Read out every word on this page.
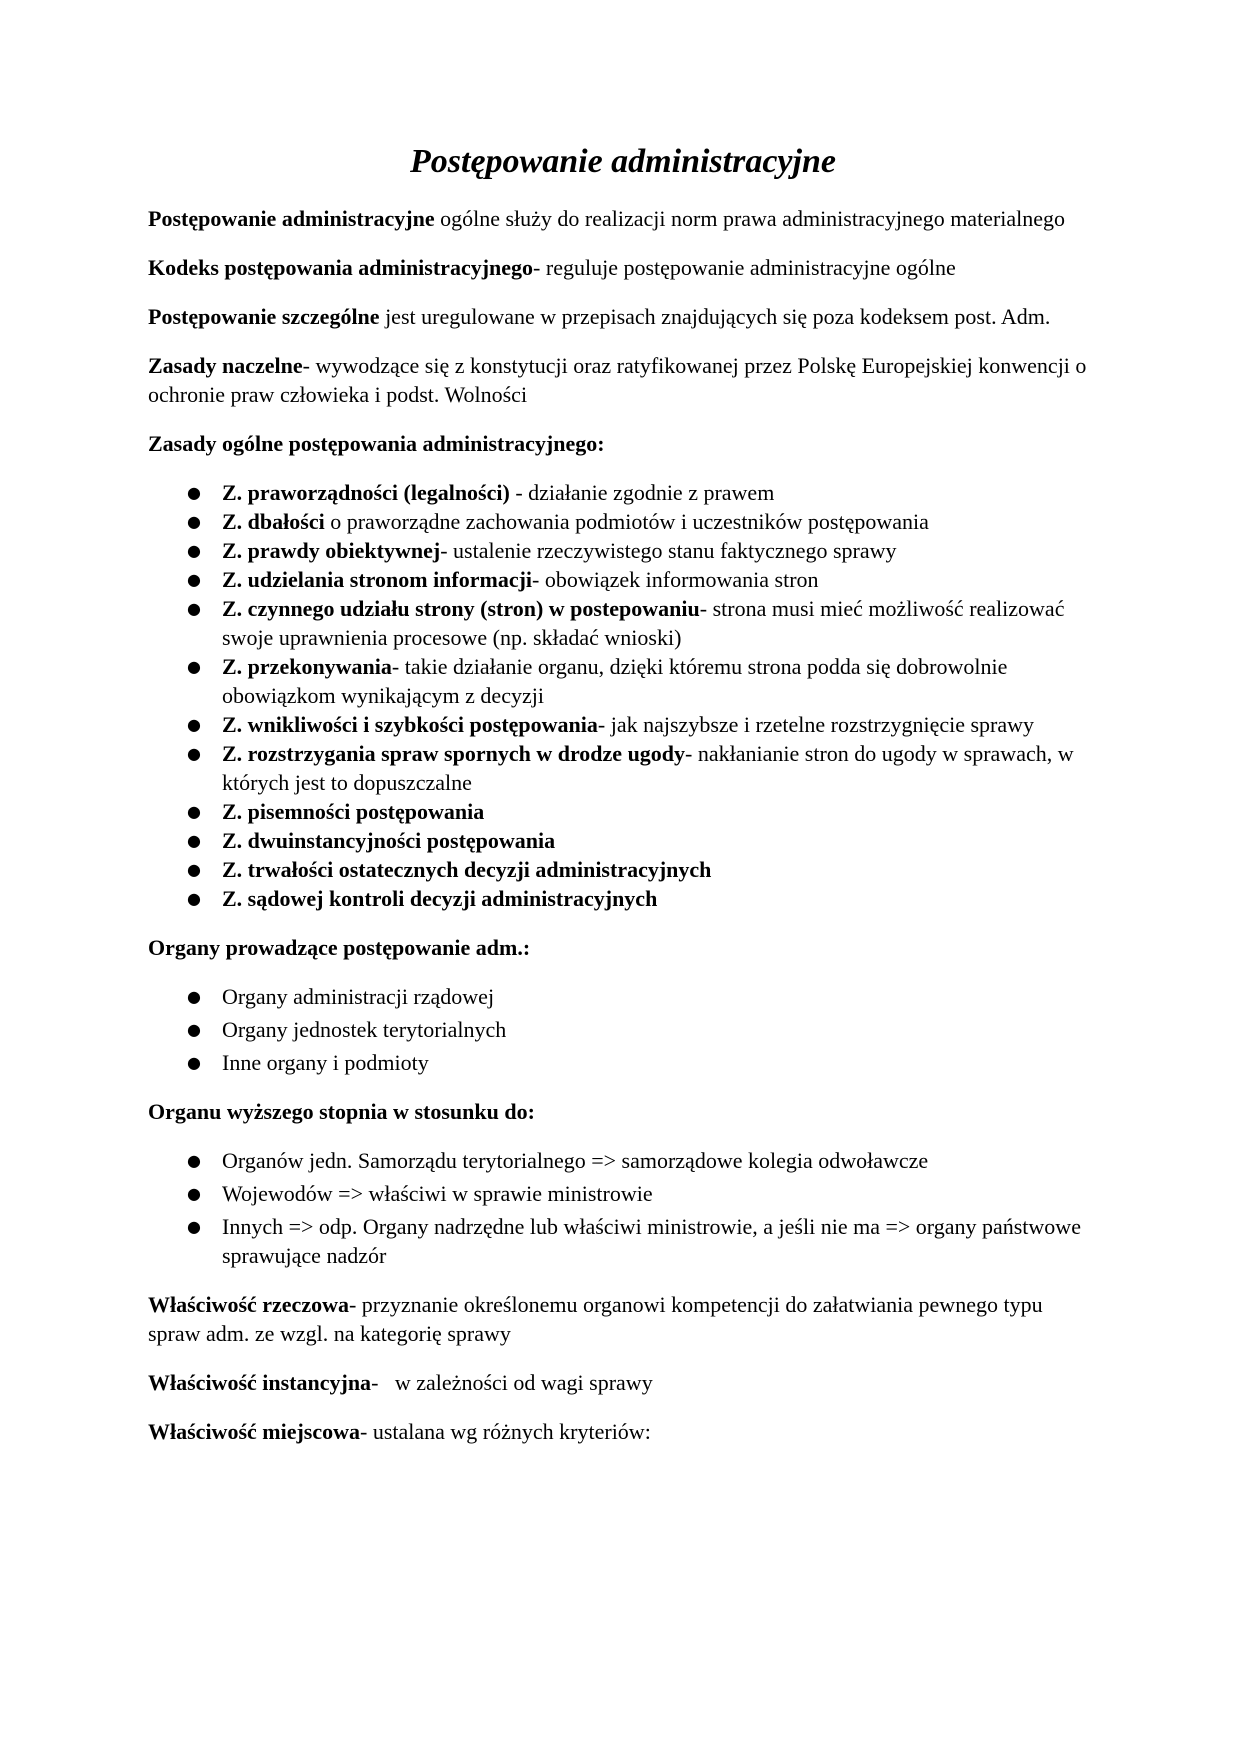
Postępowanie administracyjne

Postępowanie administracyjne ogólne służy do realizacji norm prawa administracyjnego materialnego

Kodeks postępowania administracyjnego- reguluje postępowanie administracyjne ogólne

Postępowanie szczególne jest uregulowane w przepisach znajdujących się poza kodeksem post. Adm.

Zasady naczelne- wywodzące się z konstytucji oraz ratyfikowanej przez Polskę Europejskiej konwencji o ochronie praw człowieka i podst. Wolności

Zasady ogólne postępowania administracyjnego:

● Z. praworządności (legalności) - działanie zgodnie z prawem
● Z. dbałości o praworządne zachowania podmiotów i uczestników postępowania
● Z. prawdy obiektywnej- ustalenie rzeczywistego stanu faktycznego sprawy
● Z. udzielania stronom informacji- obowiązek informowania stron
● Z. czynnego udziału strony (stron) w postepowaniu- strona musi mieć możliwość realizować swoje uprawnienia procesowe (np. składać wnioski)
● Z. przekonywania- takie działanie organu, dzięki któremu strona podda się dobrowolnie obowiązkom wynikającym z decyzji
● Z. wnikliwości i szybkości postępowania- jak najszybsze i rzetelne rozstrzygnięcie sprawy
● Z. rozstrzygania spraw spornych w drodze ugody- nakłanianie stron do ugody w sprawach, w których jest to dopuszczalne
● Z. pisemności postępowania
● Z. dwuinstancyjności postępowania
● Z. trwałości ostatecznych decyzji administracyjnych
● Z. sądowej kontroli decyzji administracyjnych

Organy prowadzące postępowanie adm.:

● Organy administracji rządowej
● Organy jednostek terytorialnych
● Inne organy i podmioty

Organu wyższego stopnia w stosunku do:

● Organów jedn. Samorządu terytorialnego => samorządowe kolegia odwoławcze
● Wojewodów => właściwi w sprawie ministrowie
● Innych => odp. Organy nadrzędne lub właściwi ministrowie, a jeśli nie ma => organy państwowe sprawujące nadzór

Właściwość rzeczowa- przyznanie określonemu organowi kompetencji do załatwiania pewnego typu spraw adm. ze wzgl. na kategorię sprawy

Właściwość instancyjna-   w zależności od wagi sprawy

Właściwość miejscowa- ustalana wg różnych kryteriów:
